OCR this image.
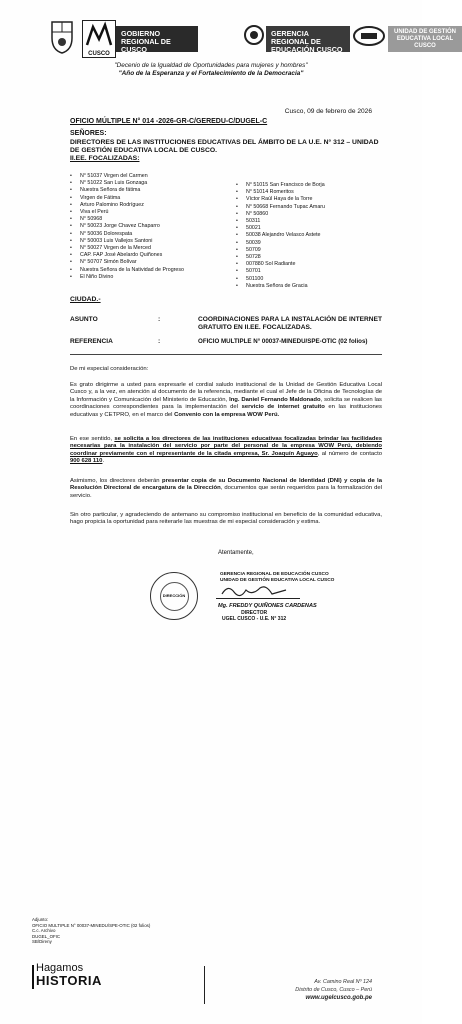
CUSCO
GOBIERNO REGIONAL DE CUSCO
GERENCIA REGIONAL DE EDUCACIÓN CUSCO
UNIDAD DE GESTIÓN EDUCATIVA LOCAL CUSCO
"Decenio de la Igualdad de Oportunidades para mujeres y hombres"
"Año de la Esperanza y el Fortalecimiento de la Democracia"
Cusco, 09 de febrero de 2026
OFICIO MÚLTIPLE N° 014 -2026-GR-C/GEREDU-C/DUGEL-C
SEÑORES:
DIRECTORES DE LAS INSTITUCIONES EDUCATIVAS DEL ÁMBITO DE LA U.E. N° 312 – UNIDAD DE GESTIÓN EDUCATIVA LOCAL DE CUSCO.
II.EE. FOCALIZADAS:
• N° 51037 Virgen del Carmen
• N° 51022 San Luis Gonzaga
• Nuestra Señora de fátima
• Virgen de Fátima
• Arturo Palomino Rodríguez
• Viva el Perú
• N° 50968
• N° 50023 Jorge Chavez Chaparro
• N° 50036 Dolorespata
• N° 50003 Luis Vallejos Santoni
• N° 50027 Virgen de la Merced
• CAP. FAP José Abelardo Quiñones
• N° 50707 Simón Bolívar
• Nuestra Señora de la Natividad de Progreso
• El Niño Divino
• N° 51015 San Francisco de Borja
• N° 51014 Romeritos
• Víctor Raúl Haya de la Torre
• N° 50668 Fernando Tupac Amaru
• N° 50860
• 50311
• 50021
• 50038 Alejandro Velasco Astete
• 50039
• 50709
• 50728
• 007880 Sol Radiante
• 50701
• 501100
• Nuestra Señora de Gracia
CIUDAD.-
ASUNTO	:	COORDINACIONES PARA LA INSTALACIÓN DE INTERNET GRATUITO EN II.EE. FOCALIZADAS.
REFERENCIA	:	OFICIO MULTIPLE N° 00037-MINEDU/SPE-OTIC (02 folios)

De mi especial consideración:

Es grato dirigirme a usted para expresarle el cordial saludo institucional de la Unidad de Gestión Educativa Local Cusco y, a la vez, en atención al documento de la referencia, mediante el cual el Jefe de la Oficina de Tecnologías de la Información y Comunicación del Ministerio de Educación, Ing. Daniel Fernando Maldonado, solicita se realicen las coordinaciones correspondientes para la implementación del servicio de internet gratuito en las instituciones educativas y CETPRO, en el marco del Convenio con la empresa WOW Perú.

En ese sentido, se solicita a los directores de las instituciones educativas focalizadas brindar las facilidades necesarias para la instalación del servicio por parte del personal de la empresa WOW Perú, debiendo coordinar previamente con el representante de la citada empresa, Sr. Joaquín Aguayo, al número de contacto 900 628 110.

Asimismo, los directores deberán presentar copia de su Documento Nacional de Identidad (DNI) y copia de la Resolución Directoral de encargatura de la Dirección, documentos que serán requeridos para la formalización del servicio.

Sin otro particular, y agradeciendo de antemano su compromiso institucional en beneficio de la comunidad educativa, hago propicia la oportunidad para reiterarle las muestras de mi especial consideración y estima.

Atentamente,
DIRECCIÓN
GERENCIA REGIONAL DE EDUCACIÓN CUSCO
UNIDAD DE GESTIÓN EDUCATIVA LOCAL CUSCO
Mg. FREDDY QUIÑONES CARDENAS
DIRECTOR
UGEL CUSCO - U.E. N° 312
Adjunto:
OFICIO MULTIPLE N° 00037-MINEDU/SPE-OTIC (02 folios)
C.c. Archivo
DUGEL_OFIC
SB/Direny
Hagamos
HISTORIA	Av. Camino Real Nº 124
Distrito de Cusco, Cusco – Perú
www.ugelcusco.gob.pe
